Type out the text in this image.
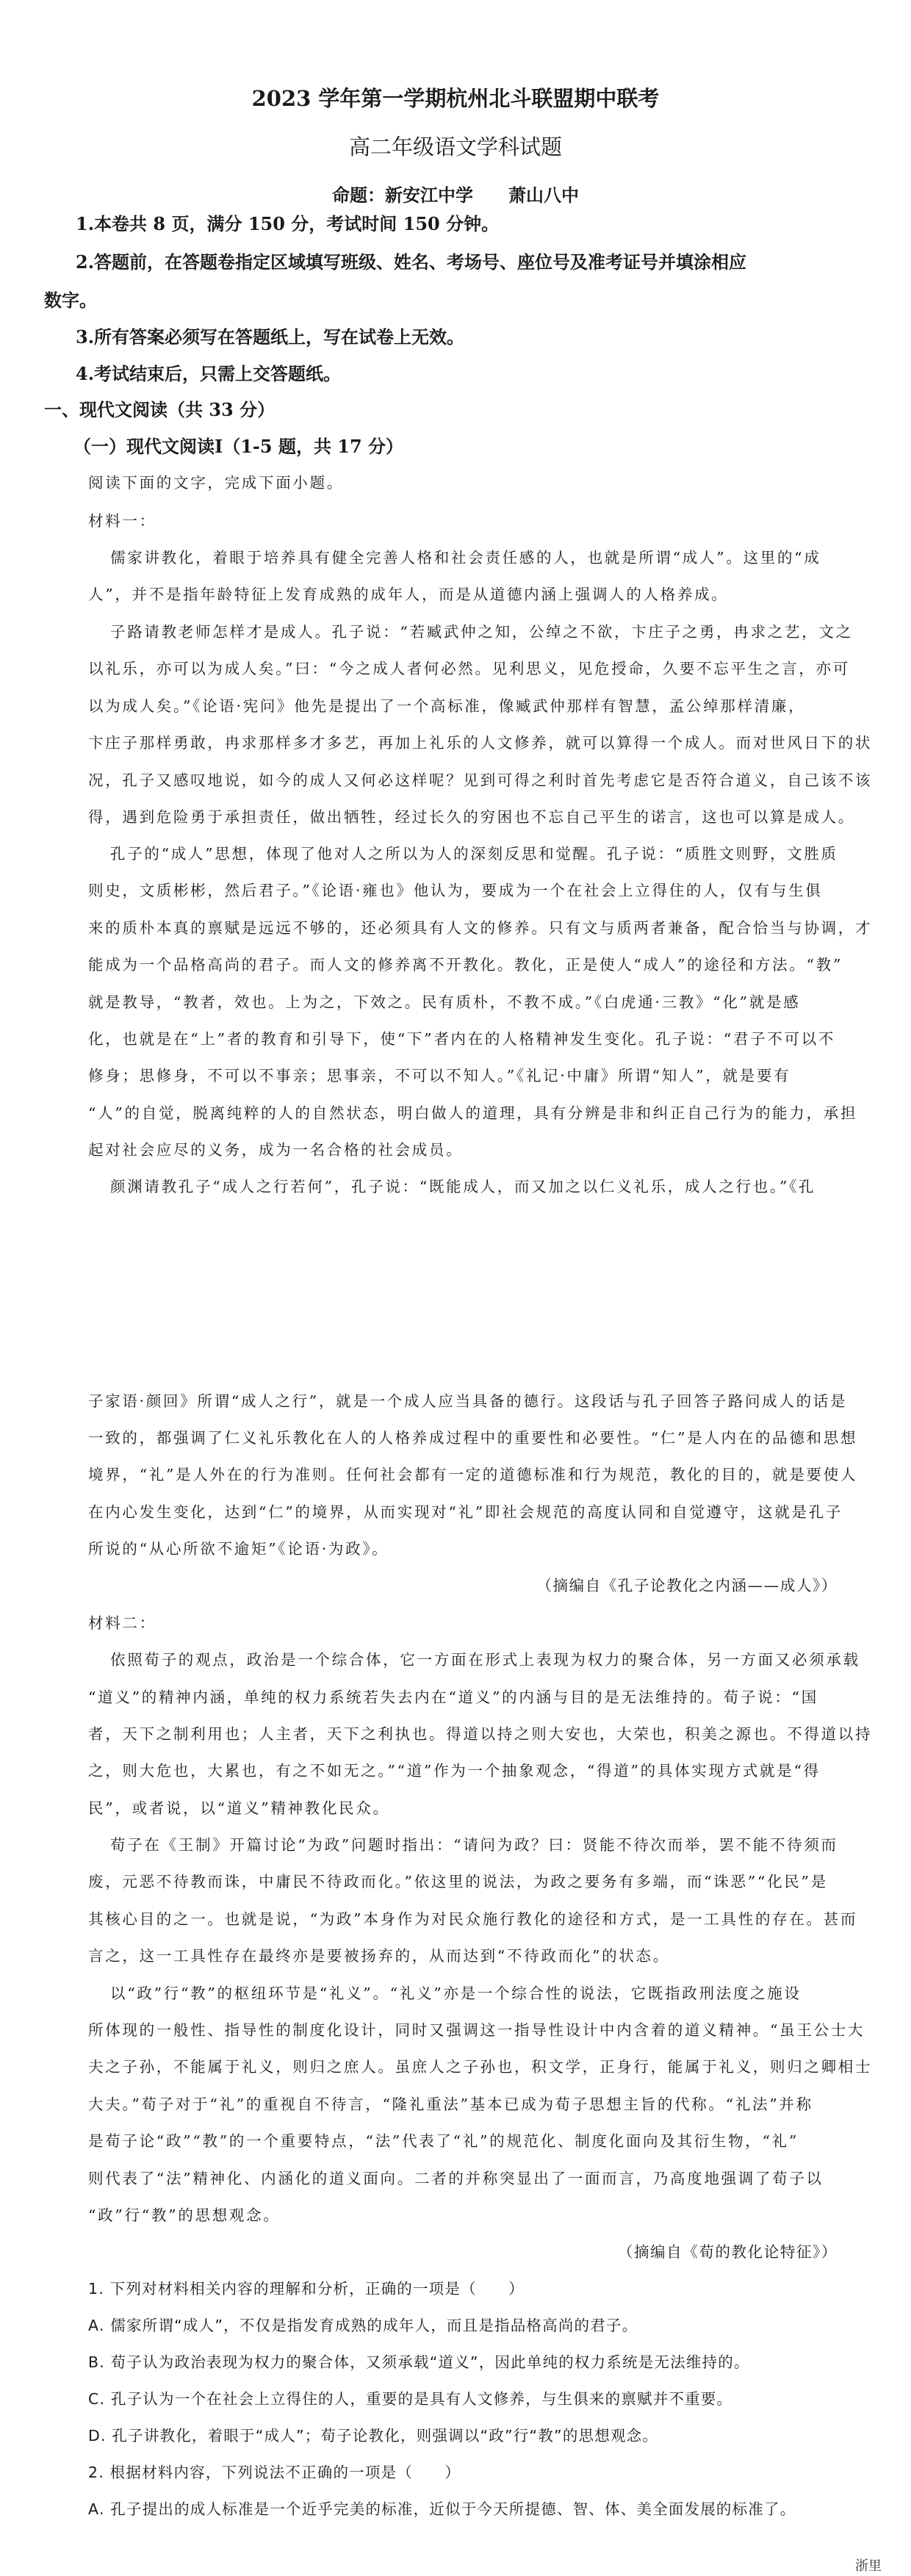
2023 学年第一学期杭州北斗联盟期中联考
高二年级语文学科试题
命题：新安江中学　　萧山八中
1.本卷共 8 页，满分 150 分，考试时间 150 分钟。
2.答题前，在答题卷指定区域填写班级、姓名、考场号、座位号及准考证号并填涂相应
数字。
3.所有答案必须写在答题纸上，写在试卷上无效。
4.考试结束后，只需上交答题纸。
一、现代文阅读（共 33 分）
（一）现代文阅读Ⅰ（1-5 题，共 17 分）
阅读下面的文字，完成下面小题。
材料一：
儒家讲教化，着眼于培养具有健全完善人格和社会责任感的人，也就是所谓“成人”。这里的“成
人”，并不是指年龄特征上发育成熟的成年人，而是从道德内涵上强调人的人格养成。
子路请教老师怎样才是成人。孔子说：“若臧武仲之知，公绰之不欲，卞庄子之勇，冉求之艺，文之
以礼乐，亦可以为成人矣。”曰：“今之成人者何必然。见利思义，见危授命，久要不忘平生之言，亦可
以为成人矣。”《论语·宪问》他先是提出了一个高标准，像臧武仲那样有智慧，孟公绰那样清廉，
卞庄子那样勇敢，冉求那样多才多艺，再加上礼乐的人文修养，就可以算得一个成人。而对世风日下的状
况，孔子又感叹地说，如今的成人又何必这样呢？见到可得之利时首先考虑它是否符合道义，自己该不该
得，遇到危险勇于承担责任，做出牺牲，经过长久的穷困也不忘自己平生的诺言，这也可以算是成人。
孔子的“成人”思想，体现了他对人之所以为人的深刻反思和觉醒。孔子说：“质胜文则野，文胜质
则史，文质彬彬，然后君子。”《论语·雍也》他认为，要成为一个在社会上立得住的人，仅有与生俱
来的质朴本真的禀赋是远远不够的，还必须具有人文的修养。只有文与质两者兼备，配合恰当与协调，才
能成为一个品格高尚的君子。而人文的修养离不开教化。教化，正是使人“成人”的途径和方法。“教”
就是教导，“教者，效也。上为之，下效之。民有质朴，不教不成。”《白虎通·三教》“化”就是感
化，也就是在“上”者的教育和引导下，使“下”者内在的人格精神发生变化。孔子说：“君子不可以不
修身；思修身，不可以不事亲；思事亲，不可以不知人。”《礼记·中庸》所谓“知人”，就是要有
“人”的自觉，脱离纯粹的人的自然状态，明白做人的道理，具有分辨是非和纠正自己行为的能力，承担
起对社会应尽的义务，成为一名合格的社会成员。
颜渊请教孔子“成人之行若何”，孔子说：“既能成人，而又加之以仁义礼乐，成人之行也。”《孔
子家语·颜回》所谓“成人之行”，就是一个成人应当具备的德行。这段话与孔子回答子路问成人的话是
一致的，都强调了仁义礼乐教化在人的人格养成过程中的重要性和必要性。“仁”是人内在的品德和思想
境界，“礼”是人外在的行为准则。任何社会都有一定的道德标准和行为规范，教化的目的，就是要使人
在内心发生变化，达到“仁”的境界，从而实现对“礼”即社会规范的高度认同和自觉遵守，这就是孔子
所说的“从心所欲不逾矩”《论语·为政》。
（摘编自《孔子论教化之内涵——成人》）
材料二：
依照荀子的观点，政治是一个综合体，它一方面在形式上表现为权力的聚合体，另一方面又必须承载
“道义”的精神内涵，单纯的权力系统若失去内在“道义”的内涵与目的是无法维持的。荀子说：“国
者，天下之制利用也；人主者，天下之利执也。得道以持之则大安也，大荣也，积美之源也。不得道以持
之，则大危也，大累也，有之不如无之。”“道”作为一个抽象观念，“得道”的具体实现方式就是“得
民”，或者说，以“道义”精神教化民众。
荀子在《王制》开篇讨论“为政”问题时指出：“请问为政？曰：贤能不待次而举，罢不能不待须而
废，元恶不待教而诛，中庸民不待政而化。”依这里的说法，为政之要务有多端，而“诛恶”“化民”是
其核心目的之一。也就是说，“为政”本身作为对民众施行教化的途径和方式，是一工具性的存在。甚而
言之，这一工具性存在最终亦是要被扬弃的，从而达到“不待政而化”的状态。
以“政”行“教”的枢纽环节是“礼义”。“礼义”亦是一个综合性的说法，它既指政刑法度之施设
所体现的一般性、指导性的制度化设计，同时又强调这一指导性设计中内含着的道义精神。“虽王公士大
夫之子孙，不能属于礼义，则归之庶人。虽庶人之子孙也，积文学，正身行，能属于礼义，则归之卿相士
大夫。”荀子对于“礼”的重视自不待言，“隆礼重法”基本已成为荀子思想主旨的代称。“礼法”并称
是荀子论“政”“教”的一个重要特点，“法”代表了“礼”的规范化、制度化面向及其衍生物，“礼”
则代表了“法”精神化、内涵化的道义面向。二者的并称突显出了一面而言，乃高度地强调了荀子以
“政”行“教”的思想观念。
（摘编自《荀的教化论特征》）
1. 下列对材料相关内容的理解和分析，正确的一项是（　　）
A. 儒家所谓“成人”，不仅是指发育成熟的成年人，而且是指品格高尚的君子。
B. 荀子认为政治表现为权力的聚合体，又须承载“道义”，因此单纯的权力系统是无法维持的。
C. 孔子认为一个在社会上立得住的人，重要的是具有人文修养，与生俱来的禀赋并不重要。
D. 孔子讲教化，着眼于“成人”；荀子论教化，则强调以“政”行“教”的思想观念。
2. 根据材料内容，下列说法不正确的一项是（　　）
A. 孔子提出的成人标准是一个近乎完美的标准，近似于今天所提德、智、体、美全面发展的标准了。
浙里
